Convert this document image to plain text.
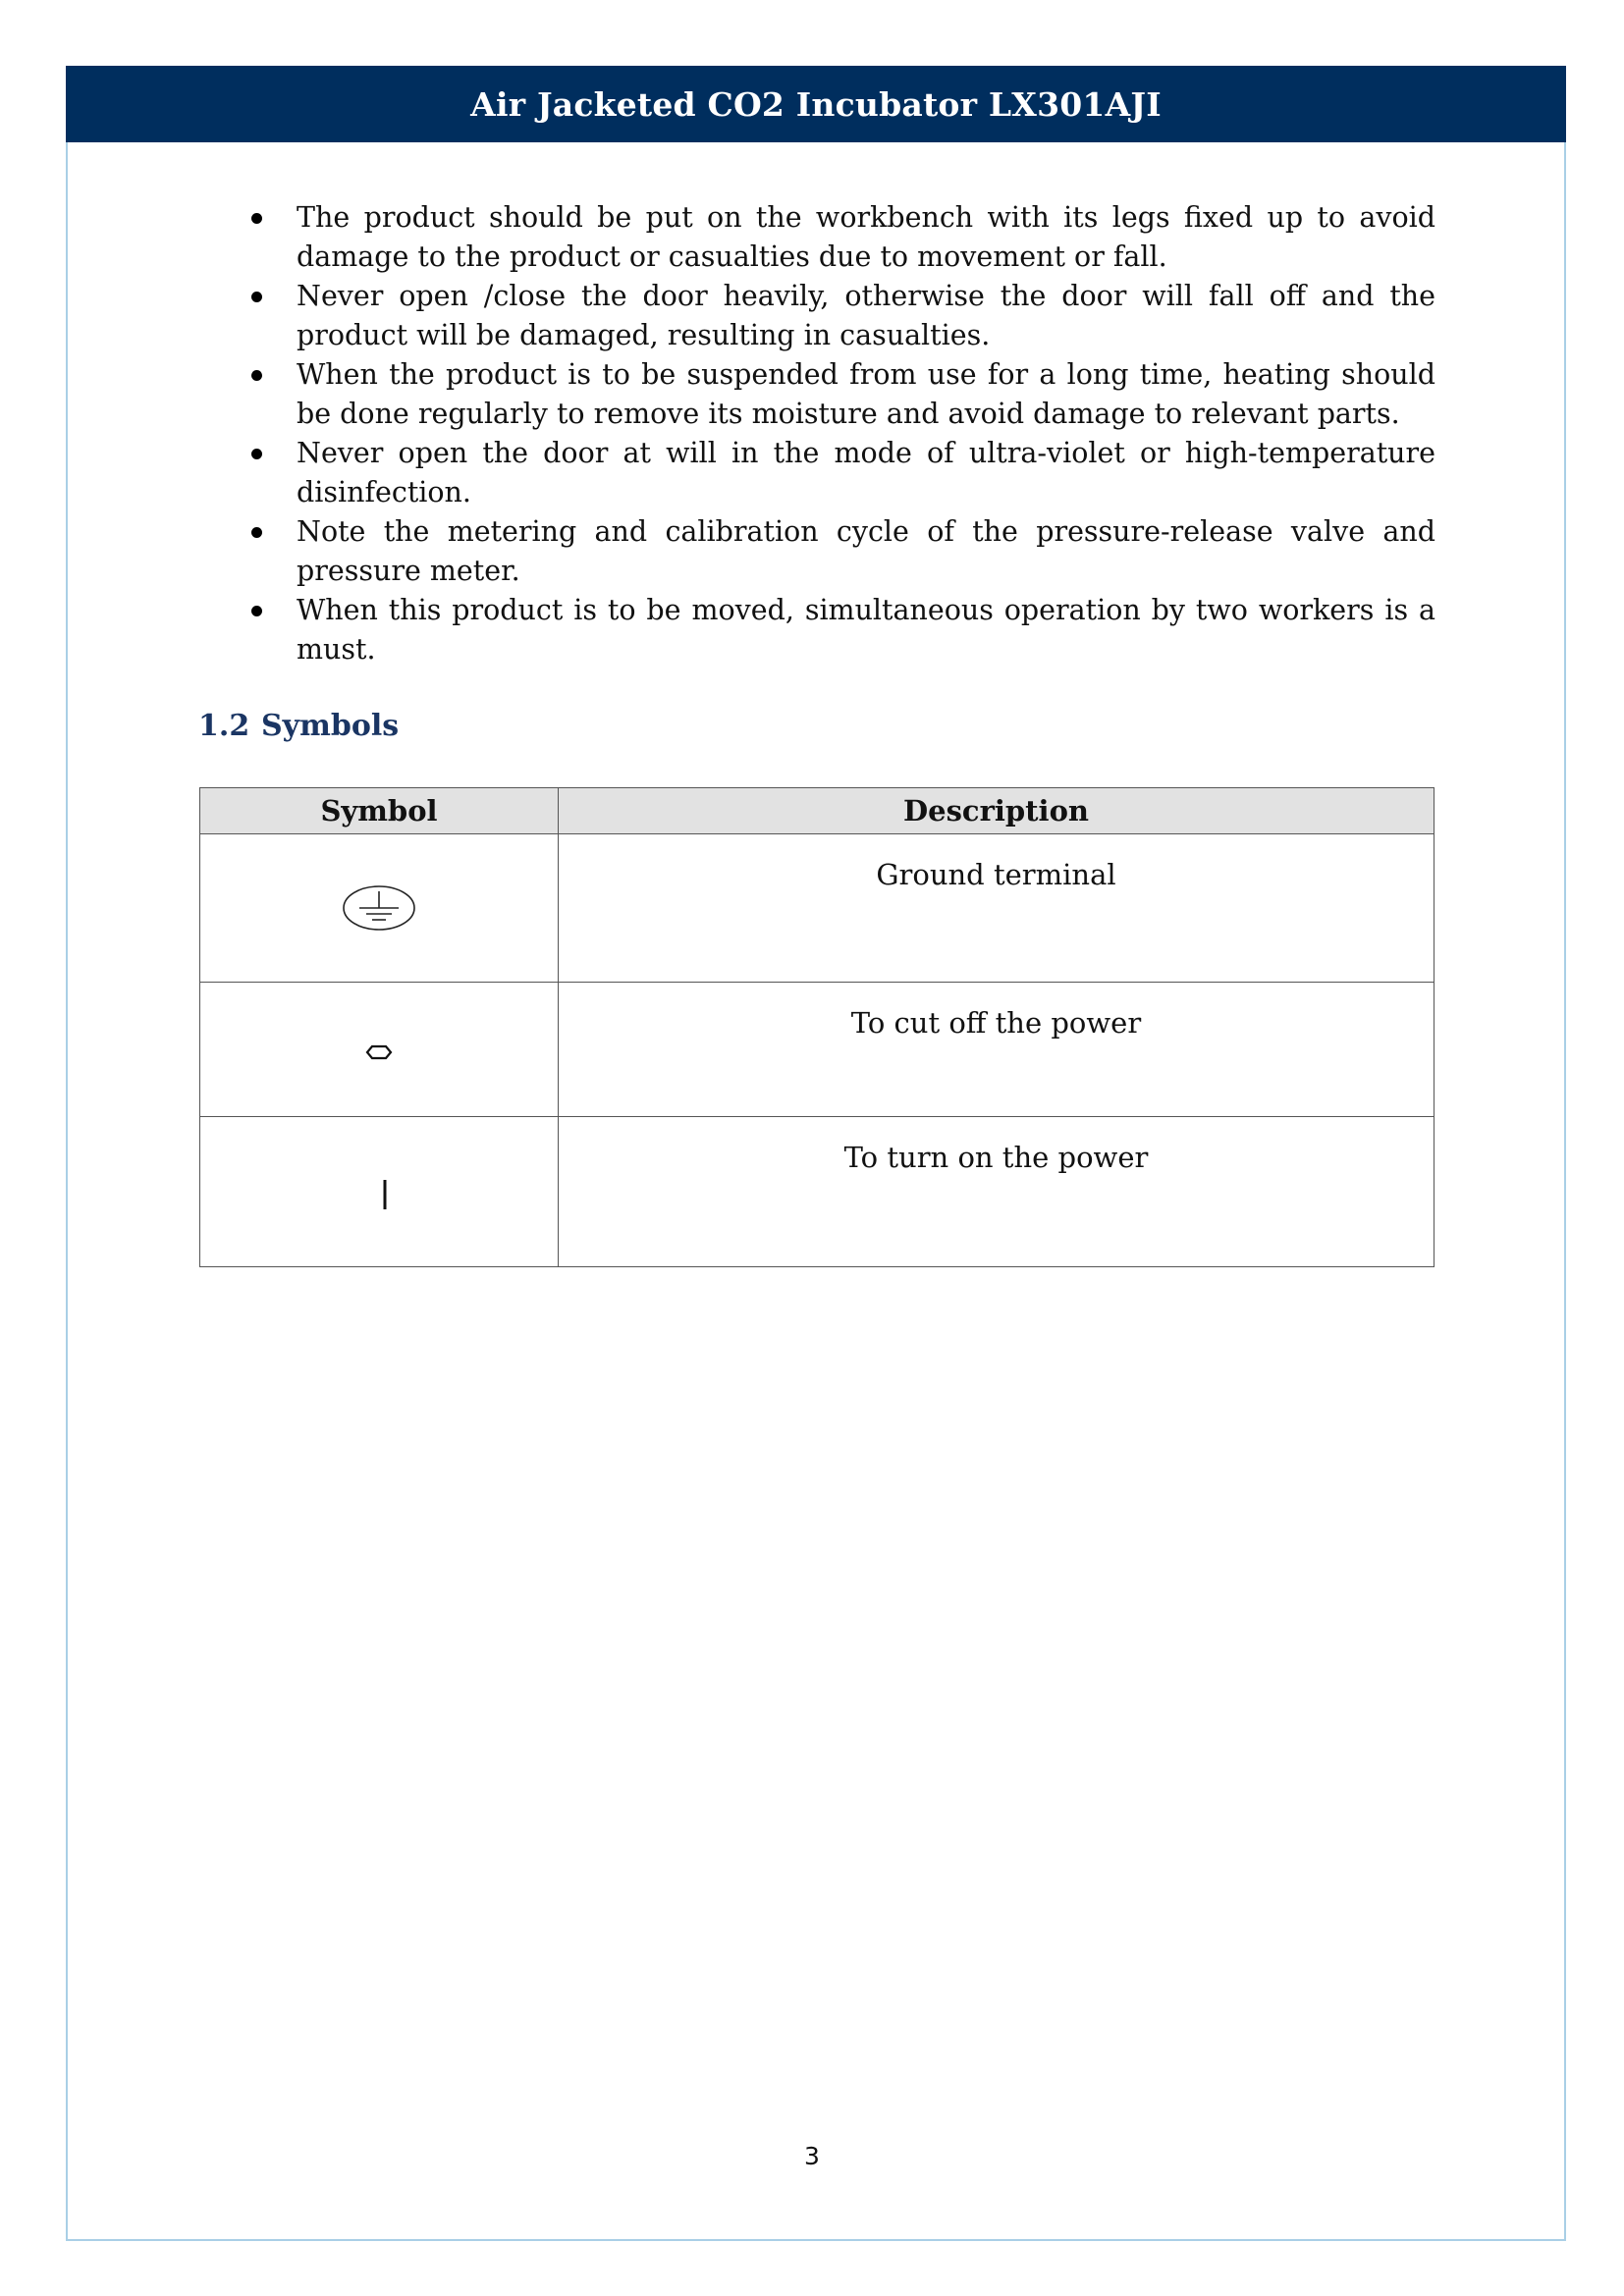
Air Jacketed CO2 Incubator LX301AJI
The product should be put on the workbench with its legs fixed up to avoid damage to the product or casualties due to movement or fall.
Never open /close the door heavily, otherwise the door will fall off and the product will be damaged, resulting in casualties.
When the product is to be suspended from use for a long time, heating should be done regularly to remove its moisture and avoid damage to relevant parts.
Never open the door at will in the mode of ultra-violet or high-temperature disinfection.
Note the metering and calibration cycle of the pressure-release valve and pressure meter.
When this product is to be moved, simultaneous operation by two workers is a must.
1.2 Symbols
Symbol	Description

	Ground terminal

	To cut off the power

	To turn on the power
3
